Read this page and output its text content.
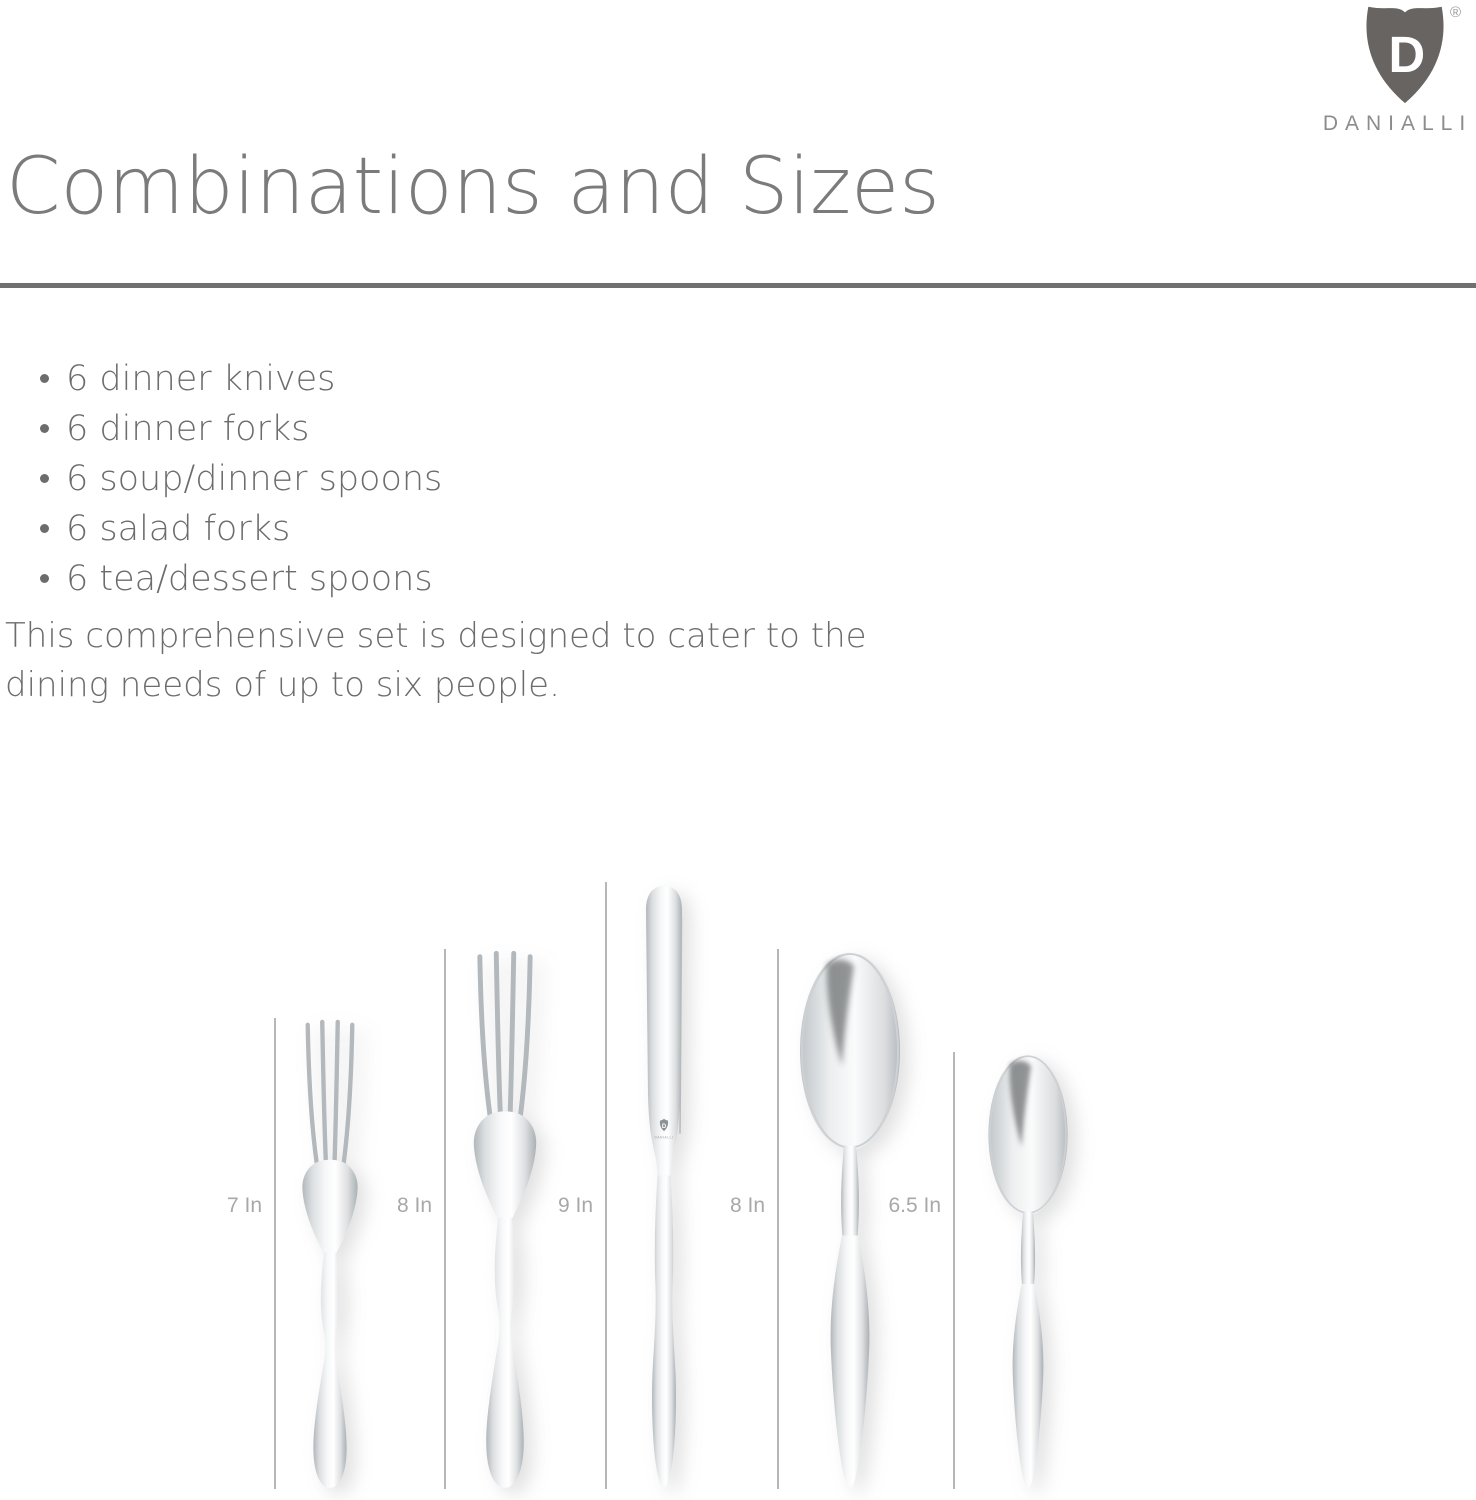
D
®
DANIALLI
Combinations and Sizes
6 dinner knives
6 dinner forks
6 soup/dinner spoons
6 salad forks
6 tea/dessert spoons
This comprehensive set is designed to cater to the
dining needs of up to six people.
7 In	8 In	9 In	8 In	6.5 In
D
DANIALLI
